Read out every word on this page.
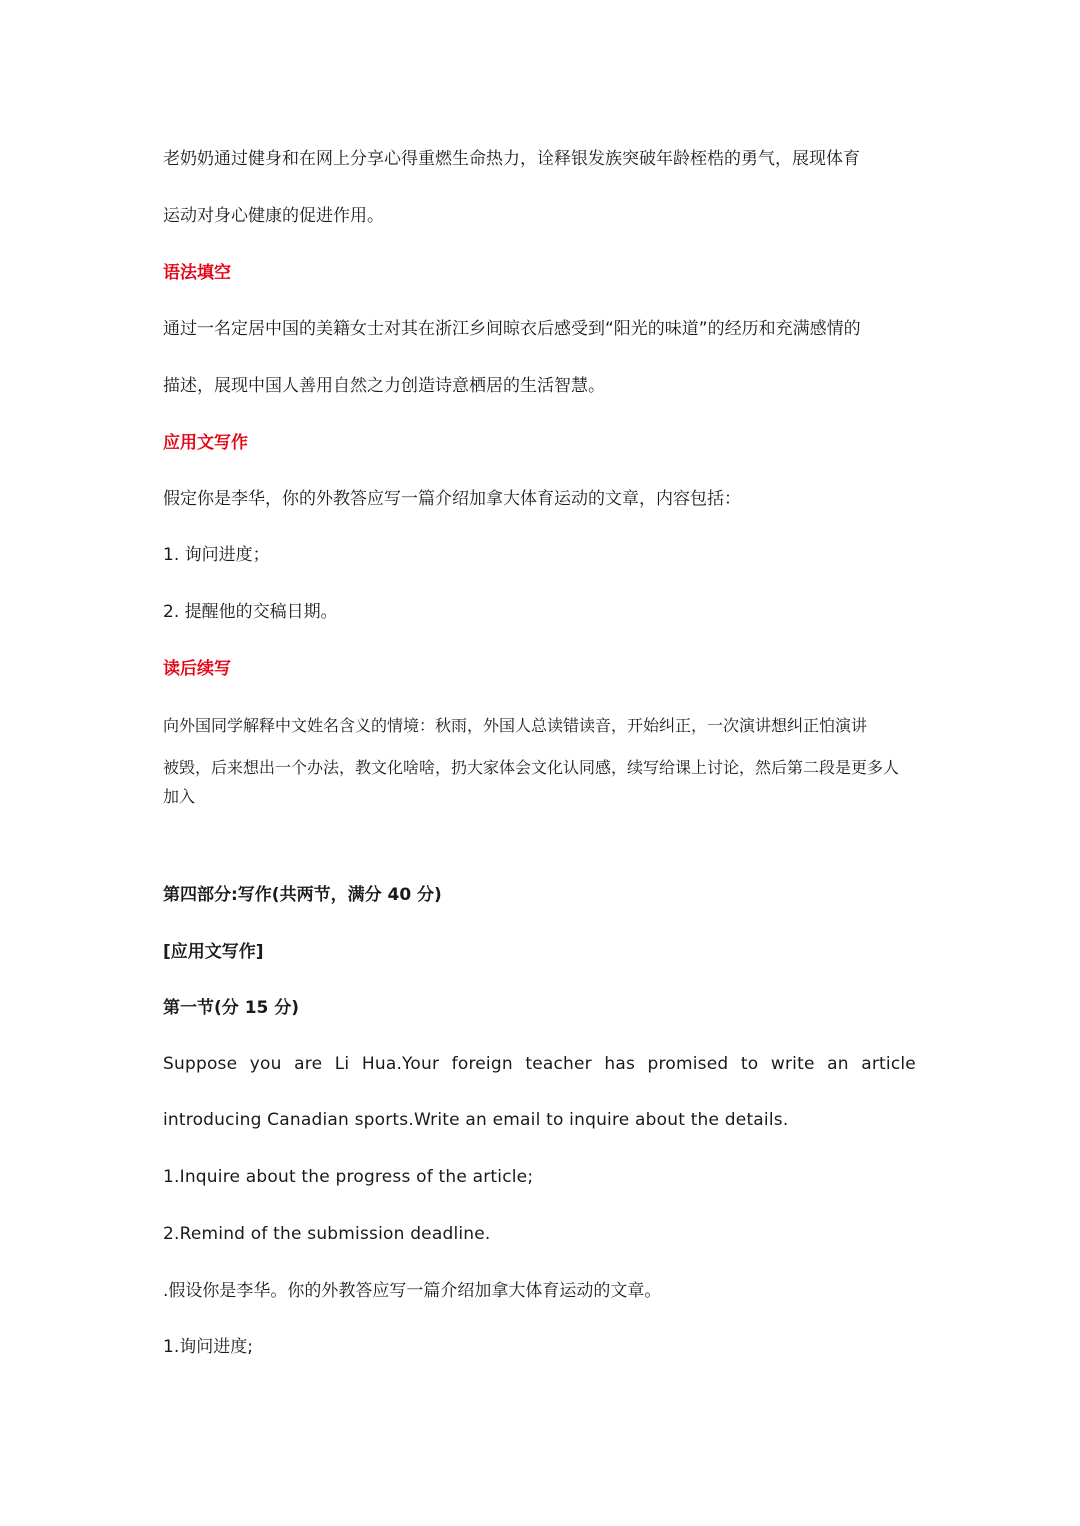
老奶奶通过健身和在网上分享心得重燃生命热力，诠释银发族突破年龄桎梏的勇气，展现体育

运动对身心健康的促进作用。

语法填空

通过一名定居中国的美籍女士对其在浙江乡间晾衣后感受到“阳光的味道”的经历和充满感情的

描述，展现中国人善用自然之力创造诗意栖居的生活智慧。

应用文写作

假定你是李华，你的外教答应写一篇介绍加拿大体育运动的文章，内容包括：

1. 询问进度；

2. 提醒他的交稿日期。

读后续写

向外国同学解释中文姓名含义的情境：秋雨，外国人总读错读音，开始纠正，一次演讲想纠正怕演讲

被毁，后来想出一个办法，教文化啥啥，扔大家体会文化认同感，续写给课上讨论，然后第二段是更多人

加入

第四部分:写作(共两节，满分 40 分)

[应用文写作]

第一节(分 15 分)

Suppose you are Li Hua.Your foreign teacher has promised to write an article

introducing Canadian sports.Write an email to inquire about the details.

1.Inquire about the progress of the article;

2.Remind of the submission deadline.

.假设你是李华。你的外教答应写一篇介绍加拿大体育运动的文章。

1.询问进度;
